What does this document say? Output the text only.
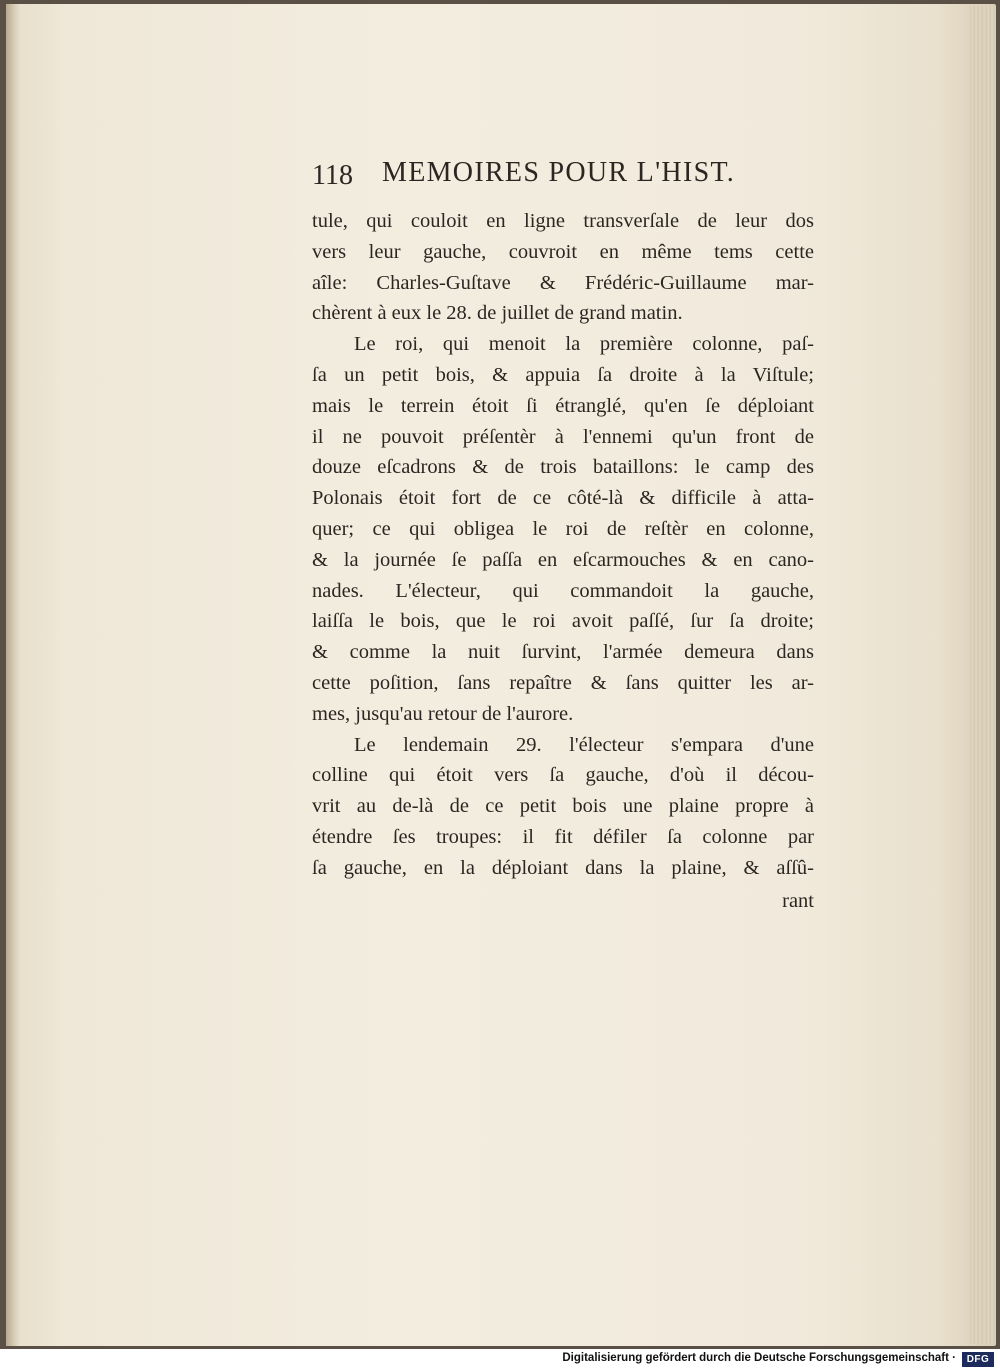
118 MEMOIRES POUR L'HIST.
tule, qui couloit en ligne transverſale de leur dos
vers leur gauche, couvroit en même tems cette
aîle: Charles-Guſtave & Frédéric-Guillaume mar-
chèrent à eux le 28. de juillet de grand matin.
Le roi, qui menoit la première colonne, paſ-
ſa un petit bois, & appuia ſa droite à la Viſtule;
mais le terrein étoit ſi étranglé, qu'en ſe déploiant
il ne pouvoit préſentèr à l'ennemi qu'un front de
douze eſcadrons & de trois bataillons: le camp des
Polonais étoit fort de ce côté-là & difficile à atta-
quer; ce qui obligea le roi de reſtèr en colonne,
& la journée ſe paſſa en eſcarmouches & en cano-
nades. L'électeur, qui commandoit la gauche,
laiſſa le bois, que le roi avoit paſſé, ſur ſa droite;
& comme la nuit ſurvint, l'armée demeura dans
cette poſition, ſans repaître & ſans quitter les ar-
mes, jusqu'au retour de l'aurore.
Le lendemain 29. l'électeur s'empara d'une
colline qui étoit vers ſa gauche, d'où il décou-
vrit au de-là de ce petit bois une plaine propre à
étendre ſes troupes: il fit défiler ſa colonne par
ſa gauche, en la déploiant dans la plaine, & aſſû-
rant
Digitalisierung gefördert durch die Deutsche Forschungsgemeinschaft ·	DFG
